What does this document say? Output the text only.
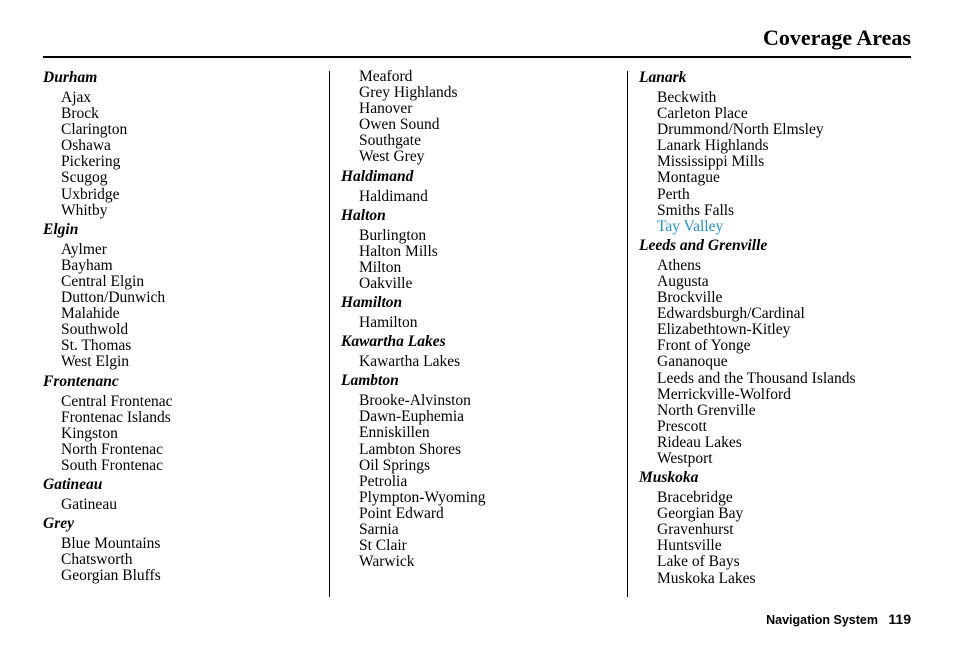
Coverage Areas
Durham
Ajax
Brock
Clarington
Oshawa
Pickering
Scugog
Uxbridge
Whitby
Elgin
Aylmer
Bayham
Central Elgin
Dutton/Dunwich
Malahide
Southwold
St. Thomas
West Elgin
Frontenanc
Central Frontenac
Frontenac Islands
Kingston
North Frontenac
South Frontenac
Gatineau
Gatineau
Grey
Blue Mountains
Chatsworth
Georgian Bluffs
Meaford
Grey Highlands
Hanover
Owen Sound
Southgate
West Grey
Haldimand
Haldimand
Halton
Burlington
Halton Mills
Milton
Oakville
Hamilton
Hamilton
Kawartha Lakes
Kawartha Lakes
Lambton
Brooke-Alvinston
Dawn-Euphemia
Enniskillen
Lambton Shores
Oil Springs
Petrolia
Plympton-Wyoming
Point Edward
Sarnia
St Clair
Warwick
Lanark
Beckwith
Carleton Place
Drummond/North Elmsley
Lanark Highlands
Mississippi Mills
Montague
Perth
Smiths Falls
Tay Valley
Leeds and Grenville
Athens
Augusta
Brockville
Edwardsburgh/Cardinal
Elizabethtown-Kitley
Front of Yonge
Gananoque
Leeds and the Thousand Islands
Merrickville-Wolford
North Grenville
Prescott
Rideau Lakes
Westport
Muskoka
Bracebridge
Georgian Bay
Gravenhurst
Huntsville
Lake of Bays
Muskoka Lakes
Navigation System 119
